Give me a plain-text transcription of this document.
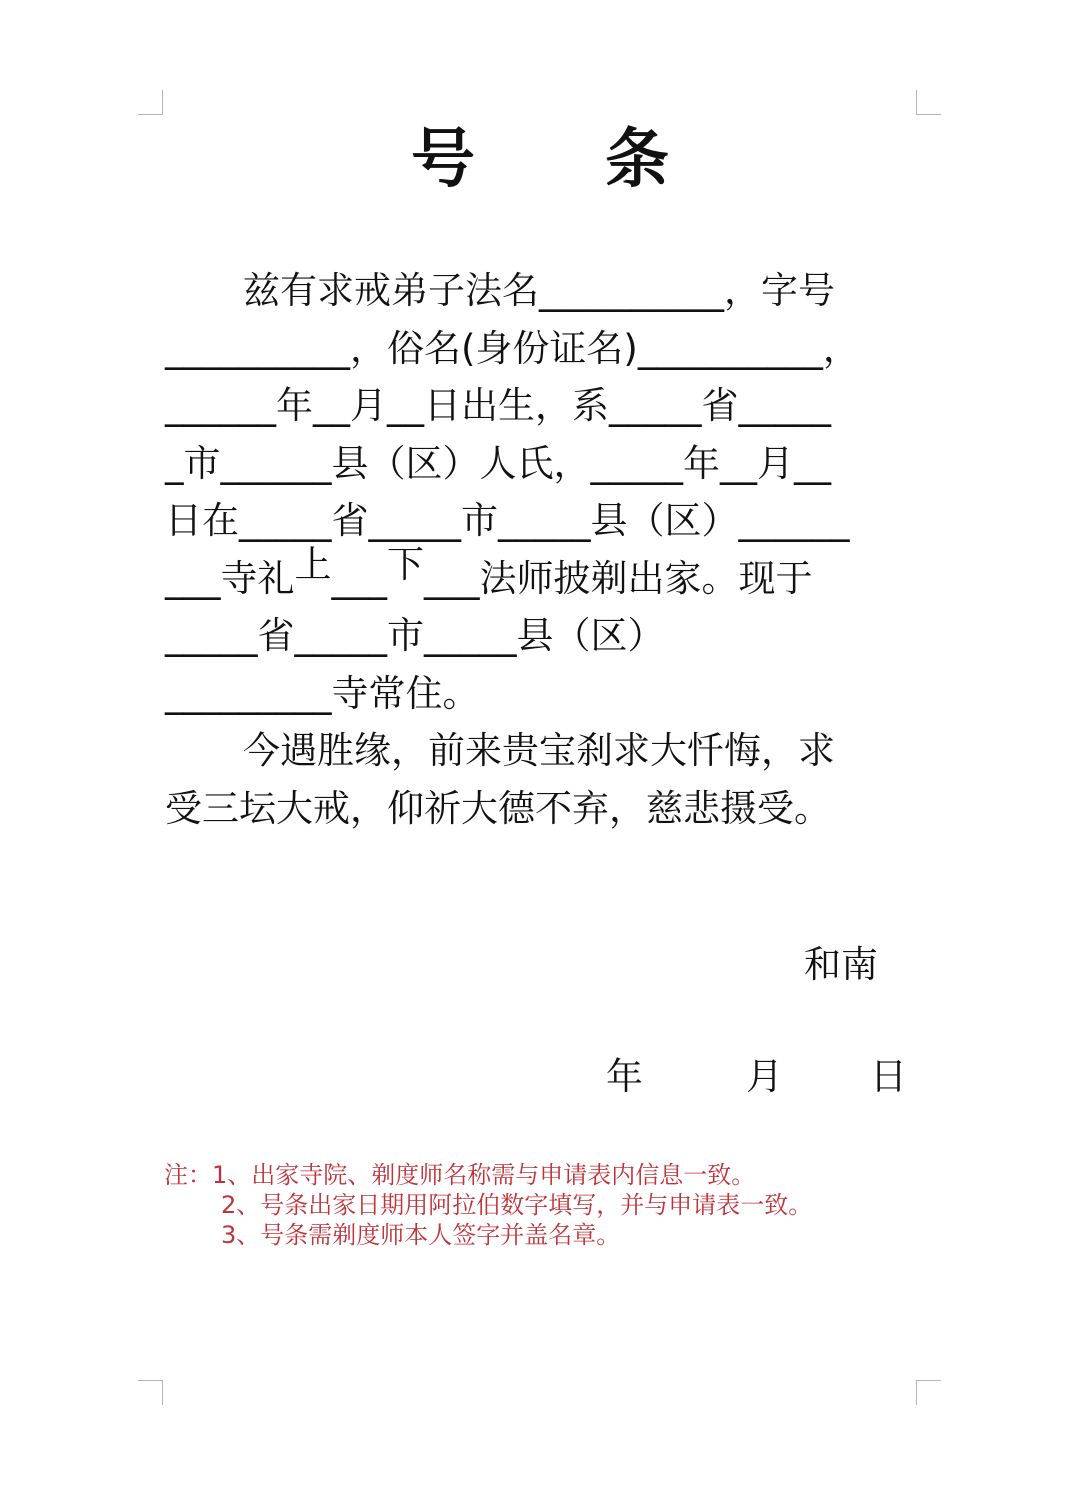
号 条
兹有求戒弟子法名__________，字号
__________，俗名(身份证名)__________，
______年__月__日出生，系_____省_____
_市______县（区）人氏，_____年__月__
日在_____省_____市_____县（区）______
___寺礼上___下___法师披剃出家。现于
_____省_____市_____县（区）
_________寺常住。
今遇胜缘，前来贵宝刹求大忏悔，求
受三坛大戒，仰祈大德不弃，慈悲摄受。
和南
年	月 日
注：1、出家寺院、剃度师名称需与申请表内信息一致。
2、号条出家日期用阿拉伯数字填写，并与申请表一致。
3、号条需剃度师本人签字并盖名章。
